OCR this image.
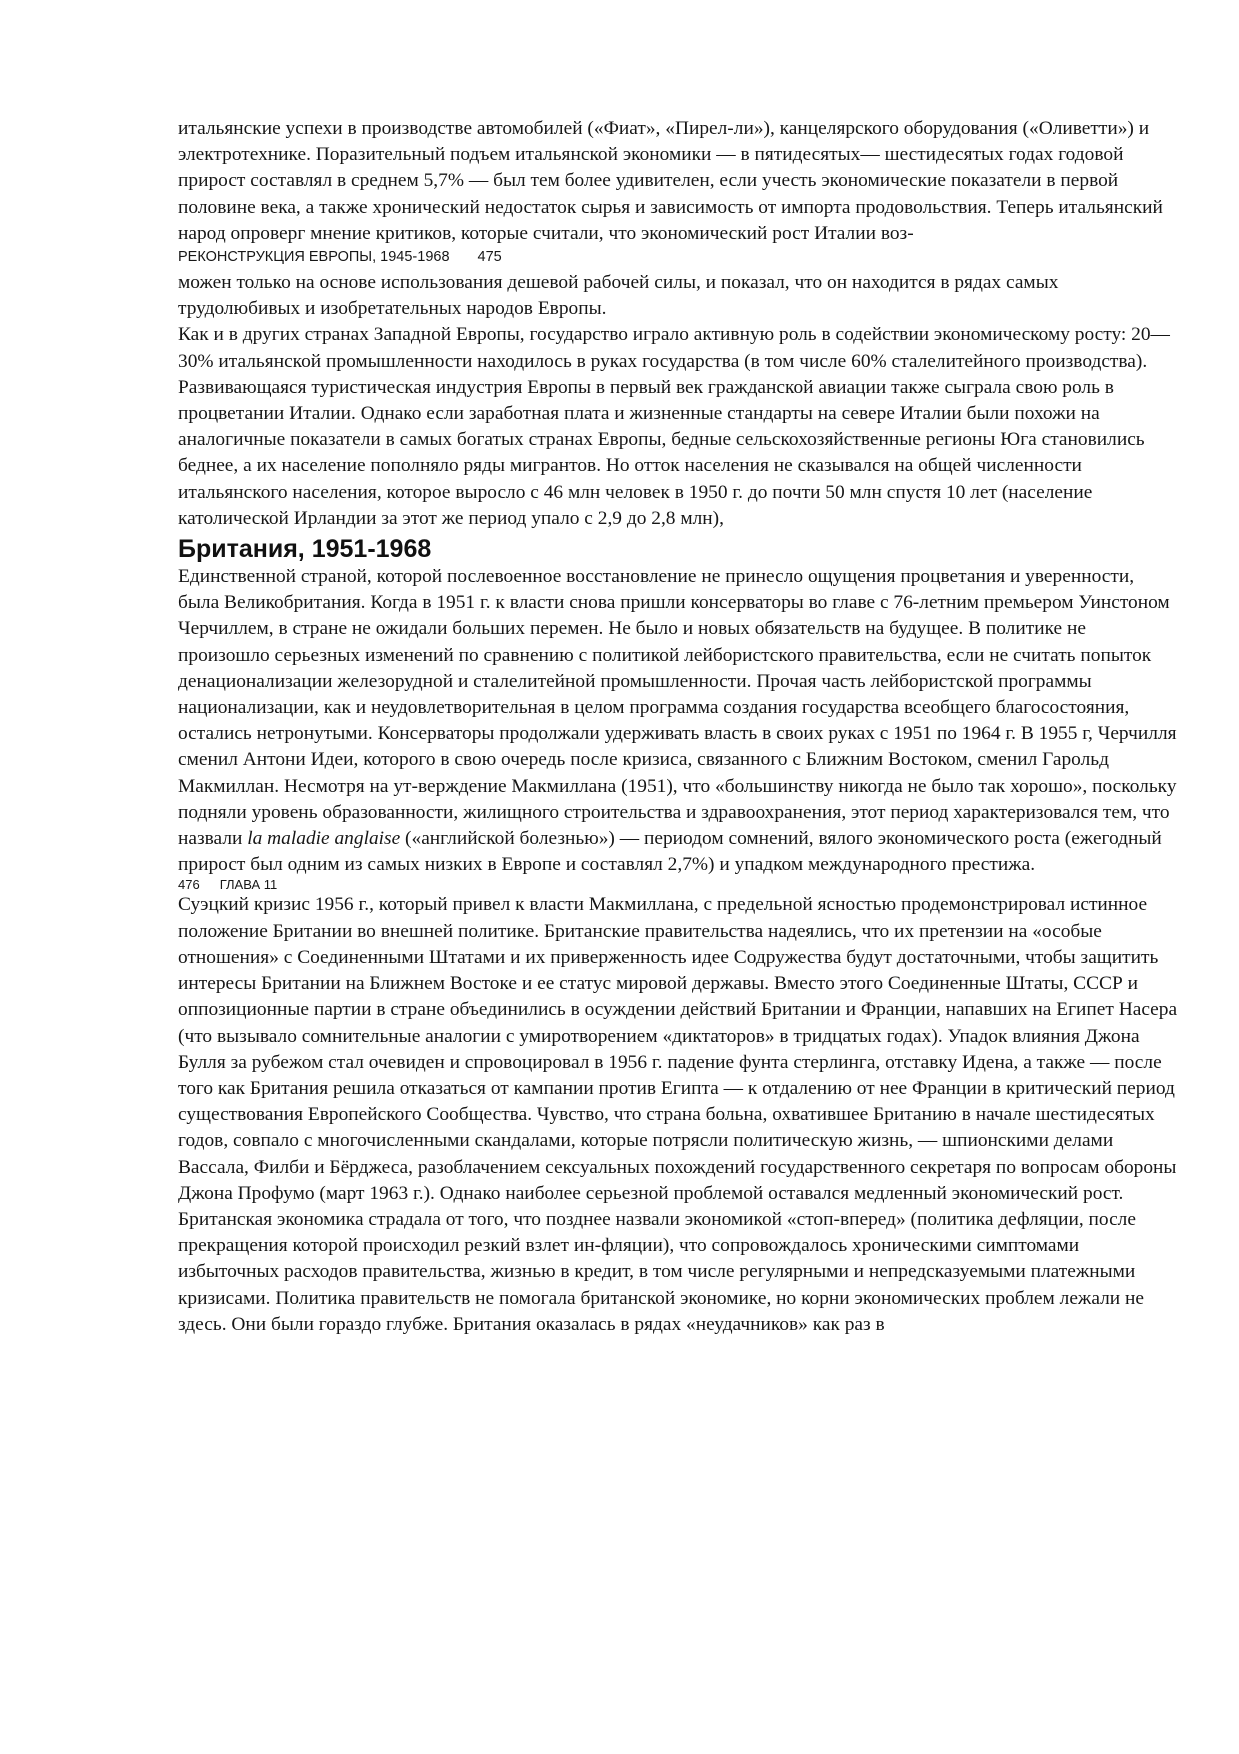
итальянские успехи в производстве автомобилей («Фиат», «Пирел-ли»), канцелярского оборудования («Оливетти») и электротехнике. Поразительный подъем итальянской экономики — в пятидесятых— шестидесятых годах годовой прирост составлял в среднем 5,7% — был тем более удивителен, если учесть экономические показатели в первой половине века, а также хронический недостаток сырья и зависимость от импорта продовольствия. Теперь итальянский народ опроверг мнение критиков, которые считали, что экономический рост Италии воз-

РЕКОНСТРУКЦИЯ ЕВРОПЫ, 1945-1968 475

можен только на основе использования дешевой рабочей силы, и показал, что он находится в рядах самых трудолюбивых и изобретательных народов Европы.

Как и в других странах Западной Европы, государство играло активную роль в содействии экономическому росту: 20—30% итальянской промышленности находилось в руках государства (в том числе 60% сталелитейного производства). Развивающаяся туристическая индустрия Европы в первый век гражданской авиации также сыграла свою роль в процветании Италии. Однако если заработная плата и жизненные стандарты на севере Италии были похожи на аналогичные показатели в самых богатых странах Европы, бедные сельскохозяйственные регионы Юга становились беднее, а их население пополняло ряды мигрантов. Но отток населения не сказывался на общей численности итальянского населения, которое выросло с 46 млн человек в 1950 г. до почти 50 млн спустя 10 лет (население католической Ирландии за этот же период упало с 2,9 до 2,8 млн),

Британия, 1951-1968

Единственной страной, которой послевоенное восстановление не принесло ощущения процветания и уверенности, была Великобритания. Когда в 1951 г. к власти снова пришли консерваторы во главе с 76-летним премьером Уинстоном Черчиллем, в стране не ожидали больших перемен. Не было и новых обязательств на будущее. В политике не произошло серьезных изменений по сравнению с политикой лейбористского правительства, если не считать попыток денационализации железорудной и сталелитейной промышленности. Прочая часть лейбористской программы национализации, как и неудовлетворительная в целом программа создания государства всеобщего благосостояния, остались нетронутыми. Консерваторы продолжали удерживать власть в своих руках с 1951 по 1964 г. В 1955 г, Черчилля сменил Антони Идеи, которого в свою очередь после кризиса, связанного с Ближним Востоком, сменил Гарольд Макмиллан. Несмотря на ут-верждение Макмиллана (1951), что «большинству никогда не было так хорошо», поскольку подняли уровень образованности, жилищного строительства и здравоохранения, этот период характеризовался тем, что назвали la maladie anglaise («английской болезнью») — периодом сомнений, вялого экономического роста (ежегодный прирост был одним из самых низких в Европе и составлял 2,7%) и упадком международного престижа.

476 ГЛАВА 11

Суэцкий кризис 1956 г., который привел к власти Макмиллана, с предельной ясностью продемонстрировал истинное положение Британии во внешней политике. Британские правительства надеялись, что их претензии на «особые отношения» с Соединенными Штатами и их приверженность идее Содружества будут достаточными, чтобы защитить интересы Британии на Ближнем Востоке и ее статус мировой державы. Вместо этого Соединенные Штаты, СССР и оппозиционные партии в стране объединились в осуждении действий Британии и Франции, напавших на Египет Насера (что вызывало сомнительные аналогии с умиротворением «диктаторов» в тридцатых годах). Упадок влияния Джона Булля за рубежом стал очевиден и спровоцировал в 1956 г. падение фунта стерлинга, отставку Идена, а также — после того как Британия решила отказаться от кампании против Египта — к отдалению от нее Франции в критический период существования Европейского Сообщества. Чувство, что страна больна, охватившее Британию в начале шестидесятых годов, совпало с многочисленными скандалами, которые потрясли политическую жизнь, — шпионскими делами Вассала, Филби и Бёрджеса, разоблачением сексуальных похождений государственного секретаря по вопросам обороны Джона Профумо (март 1963 г.). Однако наиболее серьезной проблемой оставался медленный экономический рост. Британская экономика страдала от того, что позднее назвали экономикой «стоп-вперед» (политика дефляции, после прекращения которой происходил резкий взлет ин-фляции), что сопровождалось хроническими симптомами избыточных расходов правительства, жизнью в кредит, в том числе регулярными и непредсказуемыми платежными кризисами. Политика правительств не помогала британской экономике, но корни экономических проблем лежали не здесь. Они были гораздо глубже. Британия оказалась в рядах «неудачников» как раз в
